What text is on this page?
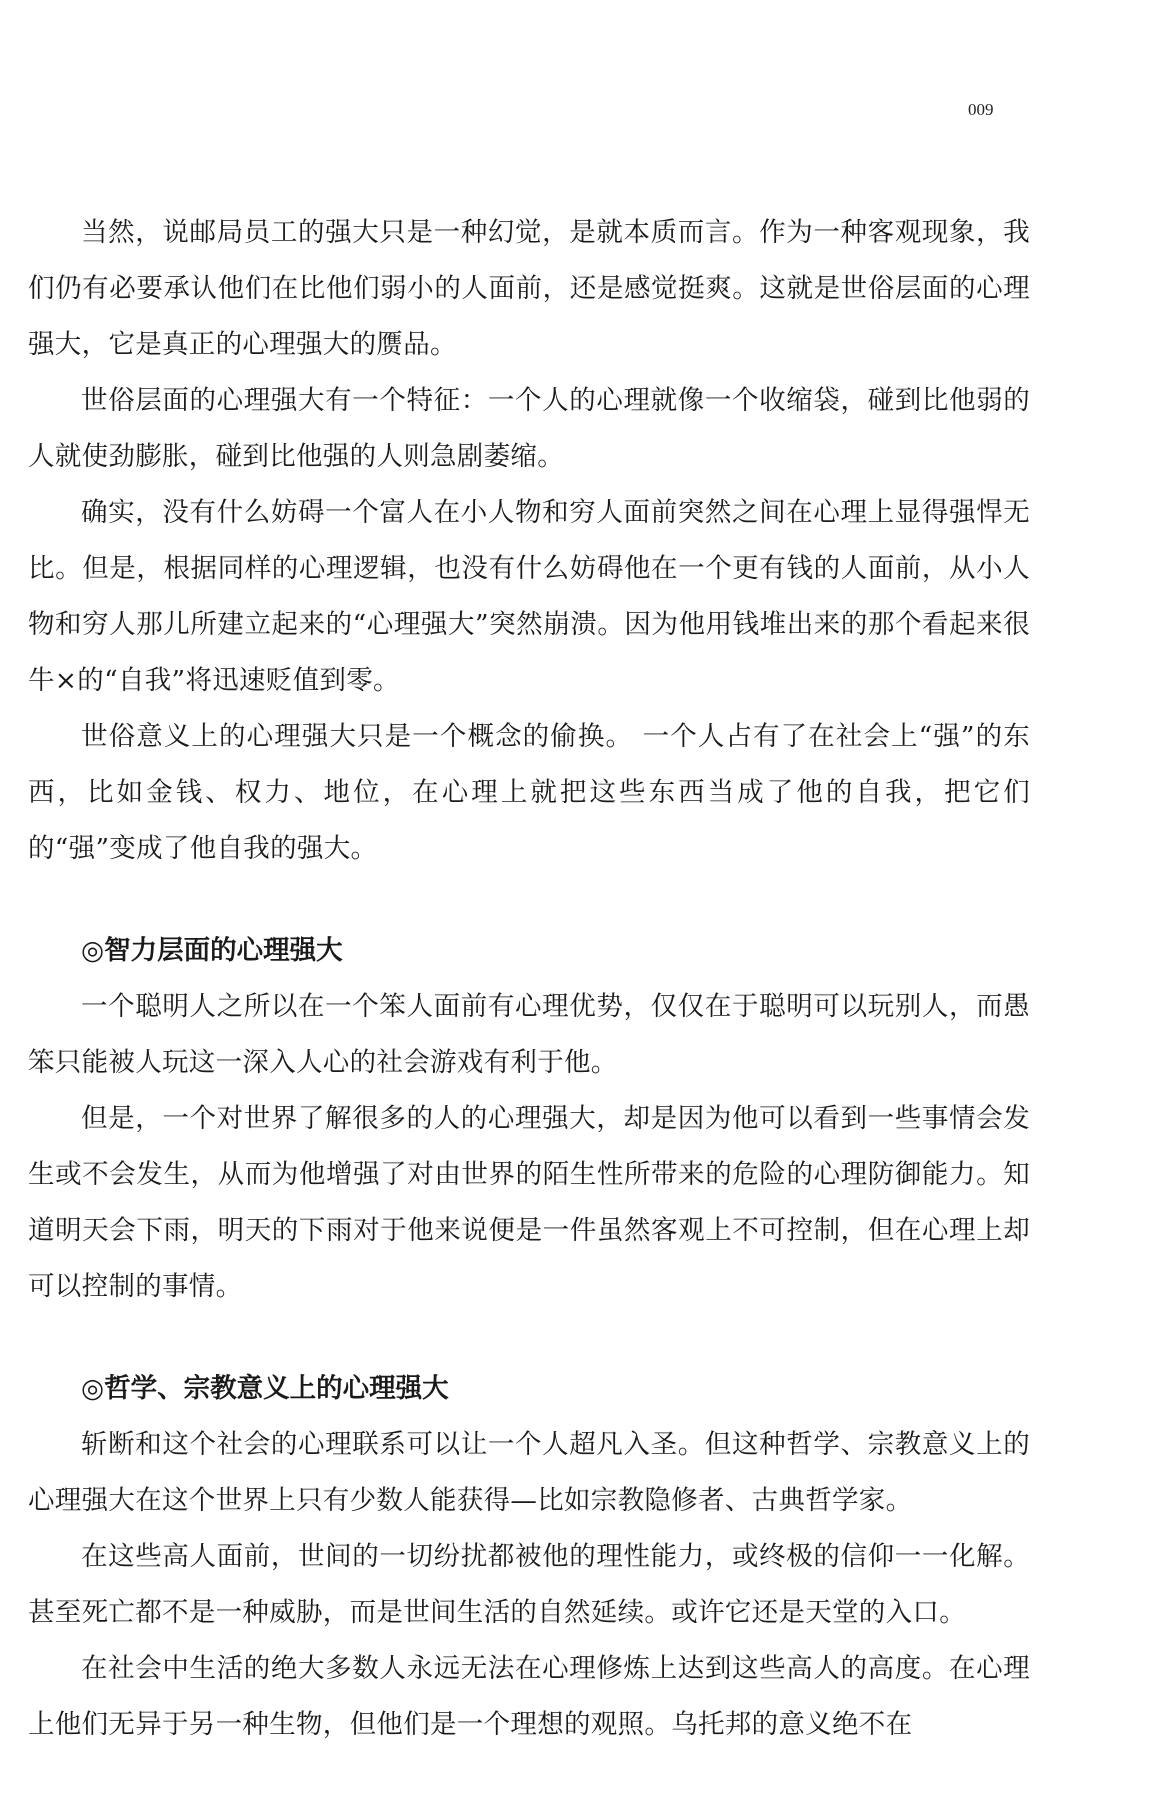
009

当然，说邮局员工的强大只是一种幻觉，是就本质而言。作为一种客观现象，我们仍有必要承认他们在比他们弱小的人面前，还是感觉挺爽。这就是世俗层面的心理强大，它是真正的心理强大的赝品。

世俗层面的心理强大有一个特征：一个人的心理就像一个收缩袋，碰到比他弱的人就使劲膨胀，碰到比他强的人则急剧萎缩。

确实，没有什么妨碍一个富人在小人物和穷人面前突然之间在心理上显得强悍无比。但是，根据同样的心理逻辑，也没有什么妨碍他在一个更有钱的人面前，从小人物和穷人那儿所建立起来的“心理强大”突然崩溃。因为他用钱堆出来的那个看起来很牛×的“自我”将迅速贬值到零。

世俗意义上的心理强大只是一个概念的偷换。 一个人占有了在社会上“强”的东西，比如金钱、权力、地位，在心理上就把这些东西当成了他的自我，把它们的“强”变成了他自我的强大。

◎智力层面的心理强大

一个聪明人之所以在一个笨人面前有心理优势，仅仅在于聪明可以玩别人，而愚笨只能被人玩这一深入人心的社会游戏有利于他。

但是，一个对世界了解很多的人的心理强大，却是因为他可以看到一些事情会发生或不会发生，从而为他增强了对由世界的陌生性所带来的危险的心理防御能力。知道明天会下雨，明天的下雨对于他来说便是一件虽然客观上不可控制，但在心理上却可以控制的事情。

◎哲学、宗教意义上的心理强大

斩断和这个社会的心理联系可以让一个人超凡入圣。但这种哲学、宗教意义上的心理强大在这个世界上只有少数人能获得—比如宗教隐修者、古典哲学家。

在这些高人面前，世间的一切纷扰都被他的理性能力，或终极的信仰一一化解。甚至死亡都不是一种威胁，而是世间生活的自然延续。或许它还是天堂的入口。

在社会中生活的绝大多数人永远无法在心理修炼上达到这些高人的高度。在心理上他们无异于另一种生物，但他们是一个理想的观照。乌托邦的意义绝不在
